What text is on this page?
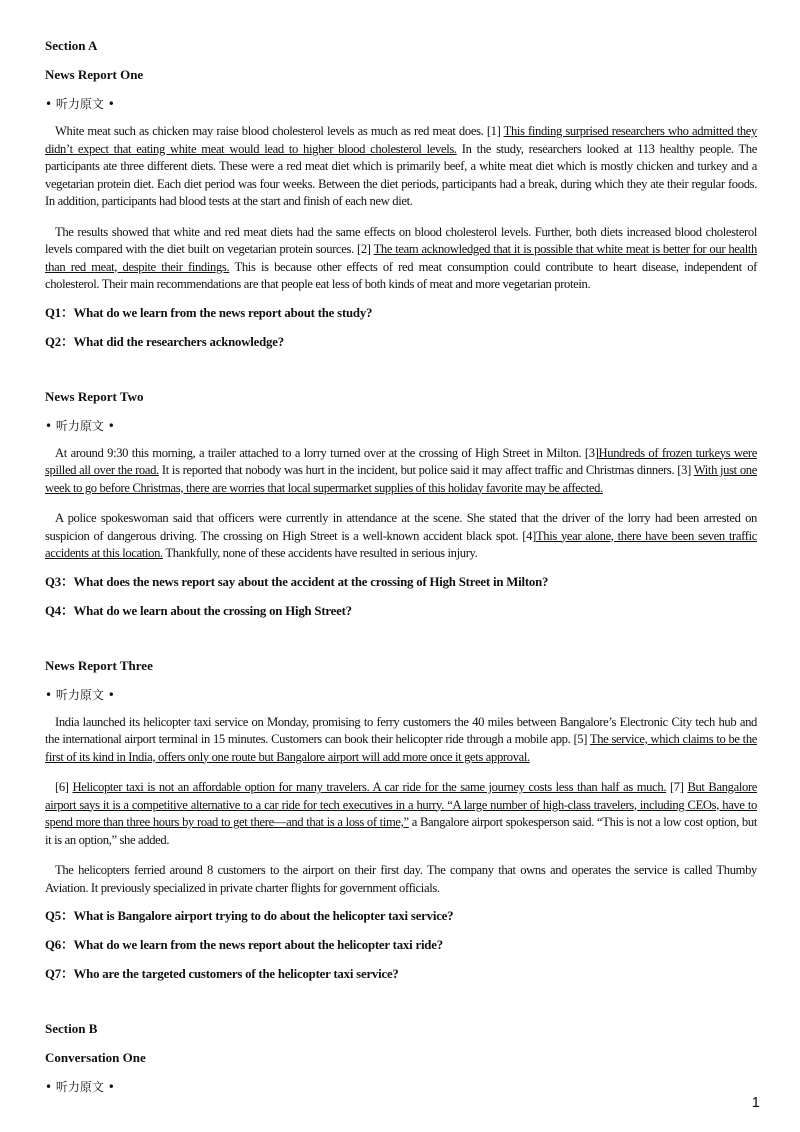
Section A
News Report One
• 听力原文 •

White meat such as chicken may raise blood cholesterol levels as much as red meat does. [1] This finding surprised researchers who admitted they didn’t expect that eating white meat would lead to higher blood cholesterol levels. In the study, researchers looked at 113 healthy people. The participants ate three different diets. These were a red meat diet which is primarily beef, a white meat diet which is mostly chicken and turkey and a vegetarian protein diet. Each diet period was four weeks. Between the diet periods, participants had a break, during which they ate their regular foods. In addition, participants had blood tests at the start and finish of each new diet.

The results showed that white and red meat diets had the same effects on blood cholesterol levels. Further, both diets increased blood cholesterol levels compared with the diet built on vegetarian protein sources. [2] The team acknowledged that it is possible that white meat is better for our health than red meat, despite their findings. This is because other effects of red meat consumption could contribute to heart disease, independent of cholesterol. Their main recommendations are that people eat less of both kinds of meat and more vegetarian protein.

Q1：What do we learn from the news report about the study?
Q2：What did the researchers acknowledge?
News Report Two
• 听力原文 •

At around 9:30 this morning, a trailer attached to a lorry turned over at the crossing of High Street in Milton. [3]Hundreds of frozen turkeys were spilled all over the road. It is reported that nobody was hurt in the incident, but police said it may affect traffic and Christmas dinners. [3] With just one week to go before Christmas, there are worries that local supermarket supplies of this holiday favorite may be affected.

A police spokeswoman said that officers were currently in attendance at the scene. She stated that the driver of the lorry had been arrested on suspicion of dangerous driving. The crossing on High Street is a well-known accident black spot. [4]This year alone, there have been seven traffic accidents at this location. Thankfully, none of these accidents have resulted in serious injury.

Q3：What does the news report say about the accident at the crossing of High Street in Milton?
Q4：What do we learn about the crossing on High Street?
News Report Three
• 听力原文 •

India launched its helicopter taxi service on Monday, promising to ferry customers the 40 miles between Bangalore’s Electronic City tech hub and the international airport terminal in 15 minutes. Customers can book their helicopter ride through a mobile app. [5] The service, which claims to be the first of its kind in India, offers only one route but Bangalore airport will add more once it gets approval.

[6] Helicopter taxi is not an affordable option for many travelers. A car ride for the same journey costs less than half as much. [7] But Bangalore airport says it is a competitive alternative to a car ride for tech executives in a hurry. “A large number of high-class travelers, including CEOs, have to spend more than three hours by road to get there—and that is a loss of time,” a Bangalore airport spokesperson said. “This is not a low cost option, but it is an option,” she added.

The helicopters ferried around 8 customers to the airport on their first day. The company that owns and operates the service is called Thumby Aviation. It previously specialized in private charter flights for government officials.

Q5：What is Bangalore airport trying to do about the helicopter taxi service?
Q6：What do we learn from the news report about the helicopter taxi ride?
Q7：Who are the targeted customers of the helicopter taxi service?
Section B
Conversation One
• 听力原文 •
1
